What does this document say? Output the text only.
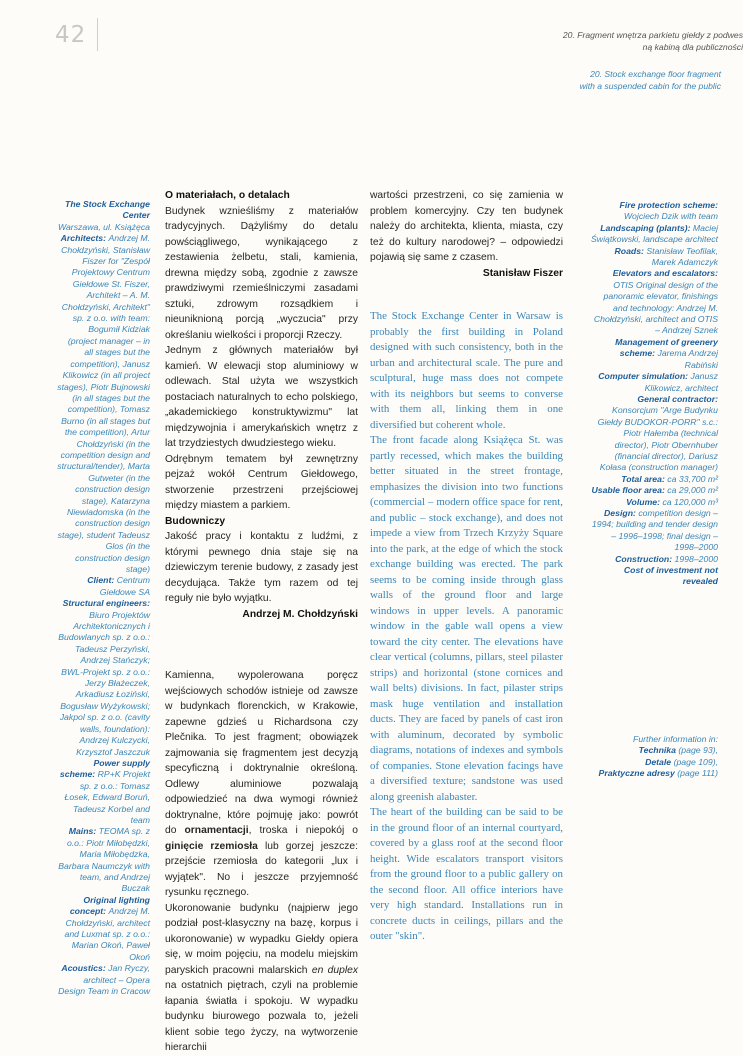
42	20. Fragment wnętrza parkietu giełdy z podwes
ną kabiną dla publiczności
20. Stock exchange floor fragment
with a suspended cabin for the public
The Stock Exchange Center
Warszawa, ul. Książęca
Architects: Andrzej M. Chołdzyński, Stanisław Fiszer for "Zespół Projektowy Centrum Giełdowe St. Fiszer, Architekt – A. M. Chołdzyński, Architekt" sp. z o.o. with team: Bogumił Kidziak (project manager – in all stages but the competition), Janusz Klikowicz (in all project stages), Piotr Bujnowski (in all stages but the competition), Tomasz Burno (in all stages but the competition), Artur Chołdzyński (in the competition design and structural/tender), Marta Gutweter (in the construction design stage), Katarzyna Niewiadomska (in the construction design stage), student Tadeusz Glos (in the construction design stage)
Client: Centrum Giełdowe SA
Structural engineers: Biuro Projektów Architektonicznych i Budowlanych sp. z o.o.: Tadeusz Perzyński, Andrzej Stańczyk; BWL-Projekt sp. z o.o.: Jerzy Błażeczek, Arkadiusz Łoziński, Bogusław Wyżykowski; Jakpol sp. z o.o. (cavity walls, foundation): Andrzej Kulczycki, Krzysztof Jaszczuk
Power supply scheme: RP+K Projekt sp. z o.o.: Tomasz Łosek, Edward Boruń, Tadeusz Korbel and team
Mains: TEOMA sp. z o.o.: Piotr Miłobędzki, Maria Miłobędzka, Barbara Naumczyk with team, and Andrzej Buczak
Original lighting concept: Andrzej M. Chołdzyński, architect and Luxmat sp. z o.o.: Marian Okoń, Paweł Okoń
Acoustics: Jan Ryczy, architect – Opera Design Team in Cracow

Fire protection scheme: Wojciech Dzik with team
Landscaping (plants): Maciej Świątkowski, landscape architect
Roads: Stanisław Teofilak, Marek Adamczyk
Elevators and escalators: OTIS Original design of the panoramic elevator, finishings and technology: Andrzej M. Chołdzyński, architect and OTIS – Andrzej Sznek
Management of greenery scheme: Jarema Andrzej Rabiński
Computer simulation: Janusz Klikowicz, architect
General contractor: Konsorcjum "Arge Budynku Giełdy BUDOKOR-PORR" s.c.: Piotr Hałemba (technical director), Piotr Obernhuber (financial director), Dariusz Kołasa (construction manager)
Total area: ca 33,700 m²
Usable floor area: ca 29,000 m²
Volume: ca 120,000 m³
Design: competition design – 1994; building and tender design – 1996–1998; final design – 1998–2000
Construction: 1998–2000
Cost of investment not revealed
Further information in:
Technika (page 93),
Detale (page 109),
Praktyczne adresy (page 111)

O materiałach, o detalach

Budynek wznieśliśmy z materiałów tradycyjnych. Dążyliśmy do detalu powściągliwego, wynikającego z zestawienia żelbetu, stali, kamienia, drewna między sobą, zgodnie z zawsze prawdziwymi rzemieślniczymi zasadami sztuki, zdrowym rozsądkiem i nieuniknioną porcją „wyczucia" przy określaniu wielkości i proporcji Rzeczy.

Jednym z głównych materiałów był kamień. W elewacji stop aluminiowy w odlewach. Stal użyta we wszystkich postaciach naturalnych to echo polskiego, „akademickiego konstruktywizmu" lat międzywojnia i amerykańskich wnętrz z lat trzydziestych dwudziestego wieku.

Odrębnym tematem był zewnętrzny pejzaż wokół Centrum Giełdowego, stworzenie przestrzeni przejściowej między miastem a parkiem.

Budowniczy

Jakość pracy i kontaktu z ludźmi, z którymi pewnego dnia staje się na dziewiczym terenie budowy, z zasady jest decydująca. Także tym razem od tej reguły nie było wyjątku.

Andrzej M. Chołdzyński

Kamienna, wypolerowana poręcz wejściowych schodów istnieje od zawsze w budynkach florenckich, w Krakowie, zapewne gdzieś u Richardsona czy Plečnika. To jest fragment; obowiązek zajmowania się fragmentem jest decyzją specyficzną i doktrynalnie określoną. Odlewy aluminiowe pozwalają odpowiedzieć na dwa wymogi również doktrynalne, które pojmuję jako: powrót do ornamentacji, troska i niepokój o ginięcie rzemiosła lub gorzej jeszcze: przejście rzemiosła do kategorii „lux i wyjątek". No i jeszcze przyjemność rysunku ręcznego.

Ukoronowanie budynku (najpierw jego podział post-klasyczny na bazę, korpus i ukoronowanie) w wypadku Giełdy opiera się, w moim pojęciu, na modelu miejskim paryskich pracowni malarskich en duplex na ostatnich piętrach, czyli na problemie łapania światła i spokoju. W wypadku budynku biurowego pozwala to, jeżeli klient sobie tego życzy, na wytworzenie hierarchii

wartości przestrzeni, co się zamienia w problem komercyjny. Czy ten budynek należy do architekta, klienta, miasta, czy też do kultury narodowej? – odpowiedzi pojawią się same z czasem.

Stanisław Fiszer

The Stock Exchange Center in Warsaw is probably the first building in Poland designed with such consistency, both in the urban and architectural scale. The pure and sculptural, huge mass does not compete with its neighbors but seems to converse with them all, linking them in one diversified but coherent whole.

The front facade along Książęca St. was partly recessed, which makes the building better situated in the street frontage, emphasizes the division into two functions (commercial – modern office space for rent, and public – stock exchange), and does not impede a view from Trzech Krzyży Square into the park, at the edge of which the stock exchange building was erected. The park seems to be coming inside through glass walls of the ground floor and large windows in upper levels. A panoramic window in the gable wall opens a view toward the city center. The elevations have clear vertical (columns, pillars, steel pilaster strips) and horizontal (stone cornices and wall belts) divisions. In fact, pilaster strips mask huge ventilation and installation ducts. They are faced by panels of cast iron with aluminum, decorated by symbolic diagrams, notations of indexes and symbols of companies. Stone elevation facings have a diversified texture; sandstone was used along greenish alabaster.

The heart of the building can be said to be in the ground floor of an internal courtyard, covered by a glass roof at the second floor height. Wide escalators transport visitors from the ground floor to a public gallery on the second floor. All office interiors have very high standard. Installations run in concrete ducts in ceilings, pillars and the outer "skin".
